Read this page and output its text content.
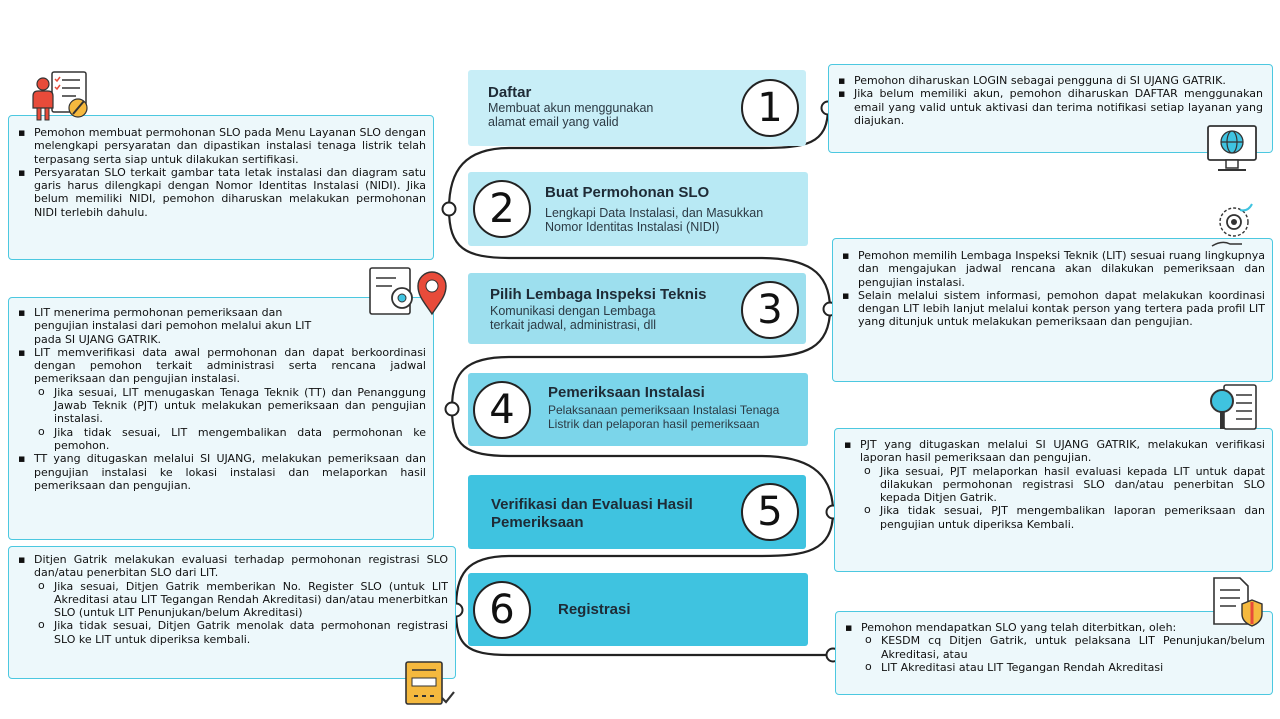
Daftar
Membuat akun menggunakan alamat email yang valid	1
Buat Permohonan SLO
Lengkapi Data Instalasi, dan Masukkan Nomor Identitas Instalasi (NIDI)
2
Pilih Lembaga Inspeksi Teknis
Komunikasi dengan Lembaga terkait jadwal, administrasi, dll	3
Pemeriksaan Instalasi
Pelaksanaan pemeriksaan Instalasi Tenaga Listrik dan pelaporan hasil pemeriksaan
4
Verifikasi dan Evaluasi Hasil Pemeriksaan	5
Registrasi
6
▪ Pemohon diharuskan LOGIN sebagai pengguna di SI UJANG GATRIK.
▪ Jika belum memiliki akun, pemohon diharuskan DAFTAR menggunakan email yang valid untuk aktivasi dan terima notifikasi setiap layanan yang diajukan.
▪ Pemohon membuat permohonan SLO pada Menu Layanan SLO dengan melengkapi persyaratan dan dipastikan instalasi tenaga listrik telah terpasang serta siap untuk dilakukan sertifikasi.
▪ Persyaratan SLO terkait gambar tata letak instalasi dan diagram satu garis harus dilengkapi dengan Nomor Identitas Instalasi (NIDI). Jika belum memiliki NIDI, pemohon diharuskan melakukan permohonan NIDI terlebih dahulu.
▪ Pemohon memilih Lembaga Inspeksi Teknik (LIT) sesuai ruang lingkupnya dan mengajukan jadwal rencana akan dilakukan pemeriksaan dan pengujian instalasi.
▪ Selain melalui sistem informasi, pemohon dapat melakukan koordinasi dengan LIT lebih lanjut melalui kontak person yang tertera pada profil LIT yang ditunjuk untuk melakukan pemeriksaan dan pengujian.
▪ LIT menerima permohonan pemeriksaan dan pengujian instalasi dari pemohon melalui akun LIT pada SI UJANG GATRIK.
▪ LIT memverifikasi data awal permohonan dan dapat berkoordinasi dengan pemohon terkait administrasi serta rencana jadwal pemeriksaan dan pengujian instalasi.
o Jika sesuai, LIT menugaskan Tenaga Teknik (TT) dan Penanggung Jawab Teknik (PJT) untuk melakukan pemeriksaan dan pengujian instalasi.
o Jika tidak sesuai, LIT mengembalikan data permohonan ke pemohon.
▪ TT yang ditugaskan melalui SI UJANG, melakukan pemeriksaan dan pengujian instalasi ke lokasi instalasi dan melaporkan hasil pemeriksaan dan pengujian.
▪ PJT yang ditugaskan melalui SI UJANG GATRIK, melakukan verifikasi laporan hasil pemeriksaan dan pengujian.
o Jika sesuai, PJT melaporkan hasil evaluasi kepada LIT untuk dapat dilakukan permohonan registrasi SLO dan/atau penerbitan SLO kepada Ditjen Gatrik.
o Jika tidak sesuai, PJT mengembalikan laporan pemeriksaan dan pengujian untuk diperiksa Kembali.
▪ Ditjen Gatrik melakukan evaluasi terhadap permohonan registrasi SLO dan/atau penerbitan SLO dari LIT.
o Jika sesuai, Ditjen Gatrik memberikan No. Register SLO (untuk LIT Akreditasi atau LIT Tegangan Rendah Akreditasi) dan/atau menerbitkan SLO (untuk LIT Penunjukan/belum Akreditasi)
o Jika tidak sesuai, Ditjen Gatrik menolak data permohonan registrasi SLO ke LIT untuk diperiksa kembali.
▪ Pemohon mendapatkan SLO yang telah diterbitkan, oleh:
o KESDM cq Ditjen Gatrik, untuk pelaksana LIT Penunjukan/belum Akreditasi, atau
o LIT Akreditasi atau LIT Tegangan Rendah Akreditasi
